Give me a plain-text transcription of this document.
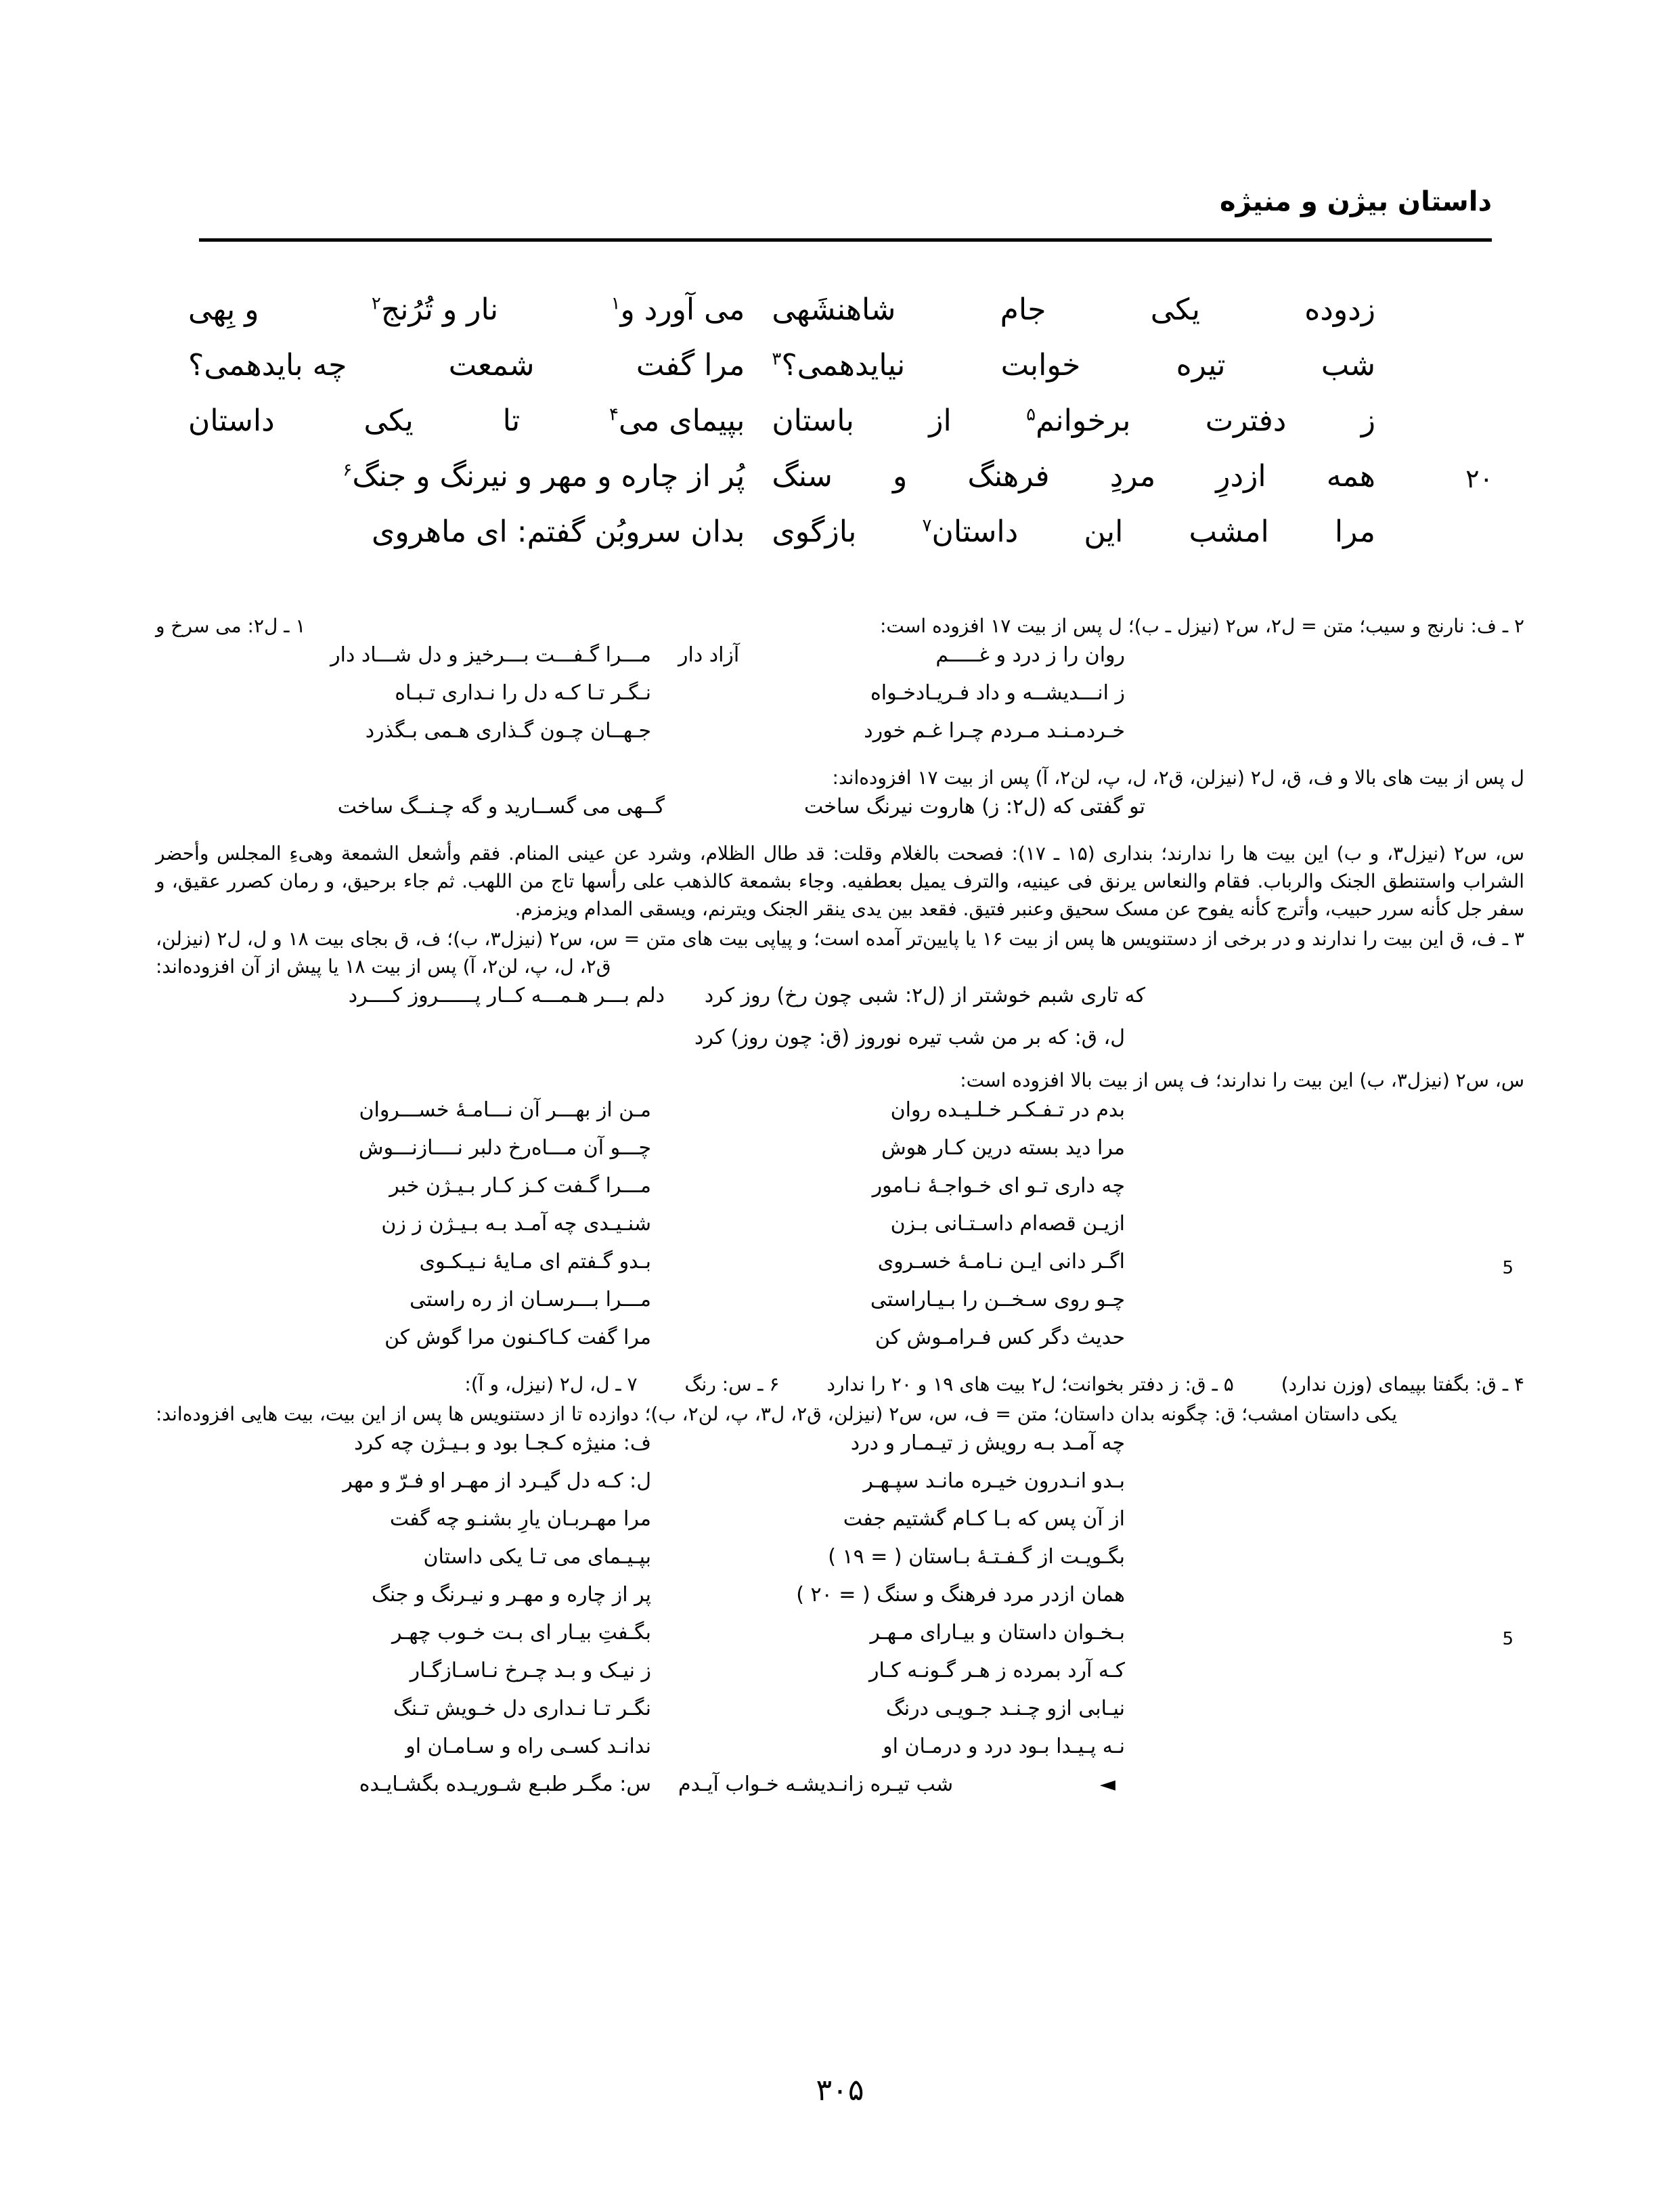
داستان بیژن و منیژه
زدوده
یکی
جام
شاهنشَهی
می آورد و$^۱$
نار و تُرُنج$^۲$
و بِهی
شب
تیره
خوابت
نیایدهمی؟$^۳$
مرا گفت
شمعت
چه بایدهمی؟
ز
دفترت
برخوانم$^۵$
از
باستان
بپیمای می$^۴$
تا
یکی
داستان
۲۰
همه
ازدرِ
مردِ
فرهنگ
و
سنگ
پُر از چاره و مهر و نیرنگ و جنگ$^۶$
مرا
امشب
این
داستان$^۷$
بازگوی
بدان سروبُن گفتم: ای ماهروی
۲ ـ ف: نارنج و سیب؛ متن = ل۲، س۲ (نیزل ـ ب)؛ ل پس از بیت ۱۷ افزوده است:
۱ ـ ل۲: می سرخ و
روان را ز درد و غـــــم
آزاد دار
مـــرا گـفـــت بـــرخیز و دل شـــاد دار
ز انـــدیشــه و داد فـریـادخـواه
نـگـر تـا کـه دل را نـداری تـبـاه
خـردمـنـد مـردم چـرا غـم خورد
جـهــان چـون گـذاری هـمی بـگذرد
ل پس از بیت های بالا و ف، ق، ل۲ (نیزلن، ق۲، ل، پ، لن۲، آ) پس از بیت ۱۷ افزوده‌اند:
تو گفتی که (ل۲: ز) هاروت نیرنگ ساخت
گــهی می گســارید و گه چـنــگ ساخت
س، س۲ (نیزل۳، و ب) این بیت ها را ندارند؛ بنداری (۱۵ ـ ۱۷): فصحت بالغلام وقلت: قد طال الظلام، وشرد عن عینی المنام. فقم وأشعل الشمعة وهیءِ المجلس وأحضر الشراب واستنطق الجنک والرباب. فقام والنعاس یرنق فی عینیه، والترف یمیل بعطفیه. وجاء بشمعة کالذهب علی رأسها تاج من اللهب. ثم جاء برحیق، و رمان کصرر عقیق، و سفر جل کأنه سرر حبیب، وأترج کأنه یفوح عن مسک سحیق وعنبر فتیق. فقعد بین یدی ینقر الجنک ویترنم، ویسقی المدام ویزمزم.
۳ ـ ف، ق این بیت را ندارند و در برخی از دستنویس ها پس از بیت ۱۶ یا پایین‌تر آمده است؛ و پیاپی بیت های متن = س، س۲ (نیزل۳، ب)؛ ف، ق بجای بیت ۱۸ و ل، ل۲ (نیزلن، ق۲، ل، پ، لن۲، آ) پس از بیت ۱۸ یا پیش از آن افزوده‌اند:
که تاری شبم خوشتر از (ل۲: شبی چون رخ) روز کرد
دلم بـــر هـمـــه کــار پــــــروز کــــرد
ل، ق: که بر من شب تیره نوروز (ق: چون روز) کرد
س، س۲ (نیزل۳، ب) این بیت را ندارند؛ ف پس از بیت بالا افزوده است:
بدم در تـفـکـر خـلـیـده روان
مـن از بهـــر آن نـــامـهٔ خســـروان
مرا دید بسته درین کـار هوش
چـــو آن مـــاه‌رخ دلبر نــــازنـــوش
چه داری تـو ای خـواجـهٔ نـامور
مـــرا گـفت کـز کـار بـیـژن خبر
ازیـن قصه‌ام داسـتـانی بـزن
شنـیـدی چه آمـد بـه بـیـژن ز زن
5
اگـر دانی ایـن نـامـهٔ خسـروی
بـدو گـفتم ای مـایهٔ نـیـکـوی
چـو روی سـخــن را بـیـاراستی
مـــرا بـــرسـان از ره راستی
حدیث دگر کس فـرامـوش کن
مرا گفت کـاکـنون مرا گوش کن
۴ ـ ق: بگفتا بپیمای (وزن ندارد)
۵ ـ ق: ز دفتر بخوانت؛ ل۲ بیت های ۱۹ و ۲۰ را ندارد
۶ ـ س: رنگ
۷ ـ ل، ل۲ (نیزل، و آ):
یکی داستان امشب؛ ق: چگونه بدان داستان؛ متن = ف، س، س۲ (نیزلن، ق۲، ل۳، پ، لن۲، ب)؛ دوازده تا از دستنویس ها پس از این بیت، بیت هایی افزوده‌اند:
چه آمـد بـه رویش ز تیـمـار و درد
ف: منیژه کـجـا بود و بـیـژن چه کرد
بـدو انـدرون خیـره مانـد سپـهـر
ل: کـه دل گیـرد از مهـر او فـرّ و مهر
از آن پس که بـا کـام گشتیم جفت
مرا مهـربـان یارِ بشنـو چه گفت
بگـویـت از گـفـتـهٔ بـاستان ( = ۱۹ )
بپـیـمای می تـا یکی داستان
همان ازدر مرد فرهنگ و سنگ ( = ۲۰ )
پر از چاره و مهـر و نیـرنگ و جنگ
5
بـخـوان داستان و بیـارای مـهـر
بگـفتِ بیـار ای بـت خـوب چهـر
کـه آرد بمرده ز هـر گـونـه کـار
ز نیـک و بـد چـرخ نـاسـازگـار
نیـابی ازو چـنـد جـویـی درنگ
نگـر تـا نـداری دل خـویش تـنگ
نـه پـیـدا بـود درد و درمـان او
ندانـد کسـی راه و سـامـان او
◄
شب تیـره زانـدیشـه خـواب آیـدم
س: مگـر طبـع شـوریـده بگشـایـده
۳۰۵
